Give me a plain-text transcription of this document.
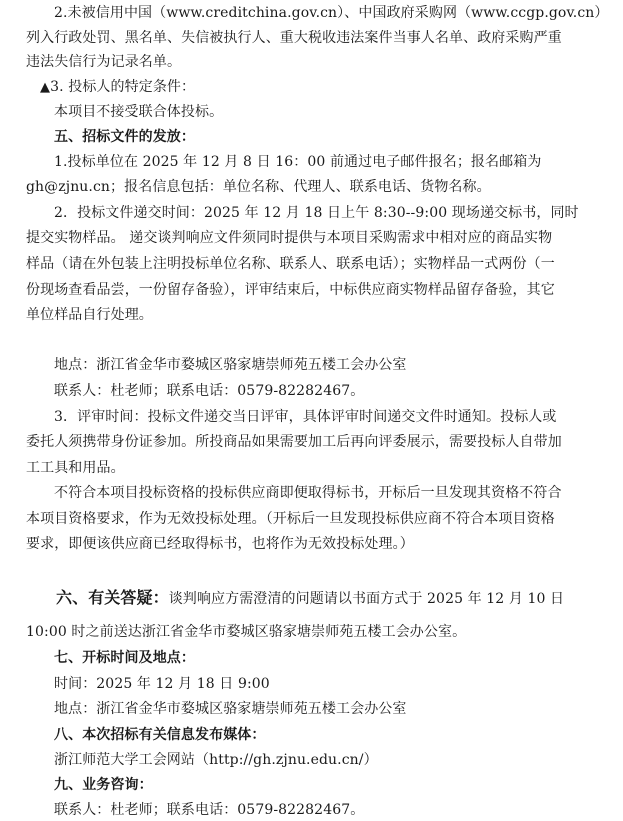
2.未被信用中国（www.creditchina.gov.cn）、中国政府采购网（www.ccgp.gov.cn）
列入行政处罚、黑名单、失信被执行人、重大税收违法案件当事人名单、政府采购严重
违法失信行为记录名单。
▲3. 投标人的特定条件：
本项目不接受联合体投标。
五、招标文件的发放：
1.投标单位在 2025 年 12 月 8 日 16：00 前通过电子邮件报名；报名邮箱为
gh@zjnu.cn；报名信息包括：单位名称、代理人、联系电话、货物名称。
2．投标文件递交时间：2025 年 12 月 18 日上午 8:30--9:00 现场递交标书，同时
提交实物样品。 递交谈判响应文件须同时提供与本项目采购需求中相对应的商品实物
样品（请在外包装上注明投标单位名称、联系人、联系电话）；实物样品一式两份（一
份现场查看品尝，一份留存备验），评审结束后，中标供应商实物样品留存备验，其它
单位样品自行处理。
地点：浙江省金华市婺城区骆家塘崇师苑五楼工会办公室
联系人：杜老师；联系电话：0579-82282467。
3．评审时间：投标文件递交当日评审，具体评审时间递交文件时通知。投标人或
委托人须携带身份证参加。所投商品如果需要加工后再向评委展示，需要投标人自带加
工工具和用品。
不符合本项目投标资格的投标供应商即便取得标书，开标后一旦发现其资格不符合
本项目资格要求，作为无效投标处理。（开标后一旦发现投标供应商不符合本项目资格
要求，即便该供应商已经取得标书，也将作为无效投标处理。）
六、有关答疑：谈判响应方需澄清的问题请以书面方式于 2025 年 12 月 10 日
10:00 时之前送达浙江省金华市婺城区骆家塘崇师苑五楼工会办公室。
七、开标时间及地点：
时间：2025 年 12 月 18 日 9:00
地点：浙江省金华市婺城区骆家塘崇师苑五楼工会办公室
八、本次招标有关信息发布媒体：
浙江师范大学工会网站（http://gh.zjnu.edu.cn/）
九、业务咨询：
联系人：杜老师；联系电话：0579-82282467。
